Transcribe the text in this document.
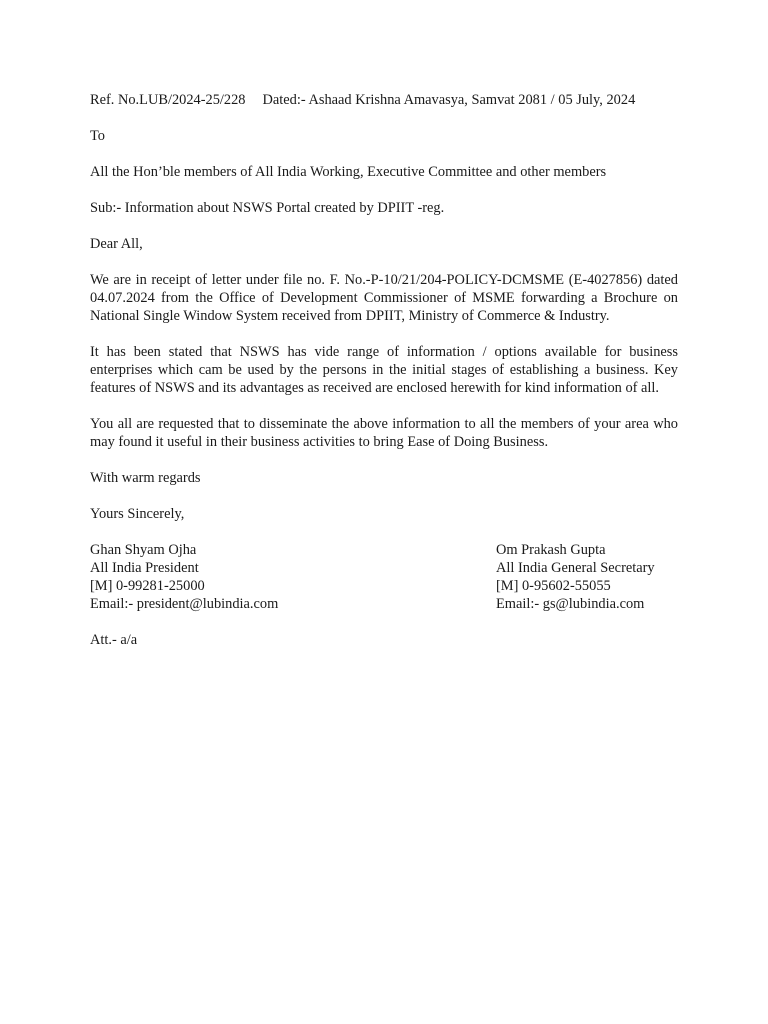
Ref. No.LUB/2024-25/228 Dated:- Ashaad Krishna Amavasya, Samvat 2081 / 05 July, 2024

To

All the Hon’ble members of All India Working, Executive Committee and other members

Sub:- Information about NSWS Portal created by DPIIT -reg.

Dear All,

We are in receipt of letter under file no. F. No.-P-10/21/204-POLICY-DCMSME (E-4027856) dated 04.07.2024 from the Office of Development Commissioner of MSME forwarding a Brochure on National Single Window System received from DPIIT, Ministry of Commerce & Industry.

It has been stated that NSWS has vide range of information / options available for business enterprises which cam be used by the persons in the initial stages of establishing a business. Key features of NSWS and its advantages as received are enclosed herewith for kind information of all.

You all are requested that to disseminate the above information to all the members of your area who may found it useful in their business activities to bring Ease of Doing Business.

With warm regards

Yours Sincerely,

Ghan Shyam Ojha

All India President

[M] 0-99281-25000

Email:- president@lubindia.com

Om Prakash Gupta

All India General Secretary

[M] 0-95602-55055

Email:- gs@lubindia.com

Att.- a/a
